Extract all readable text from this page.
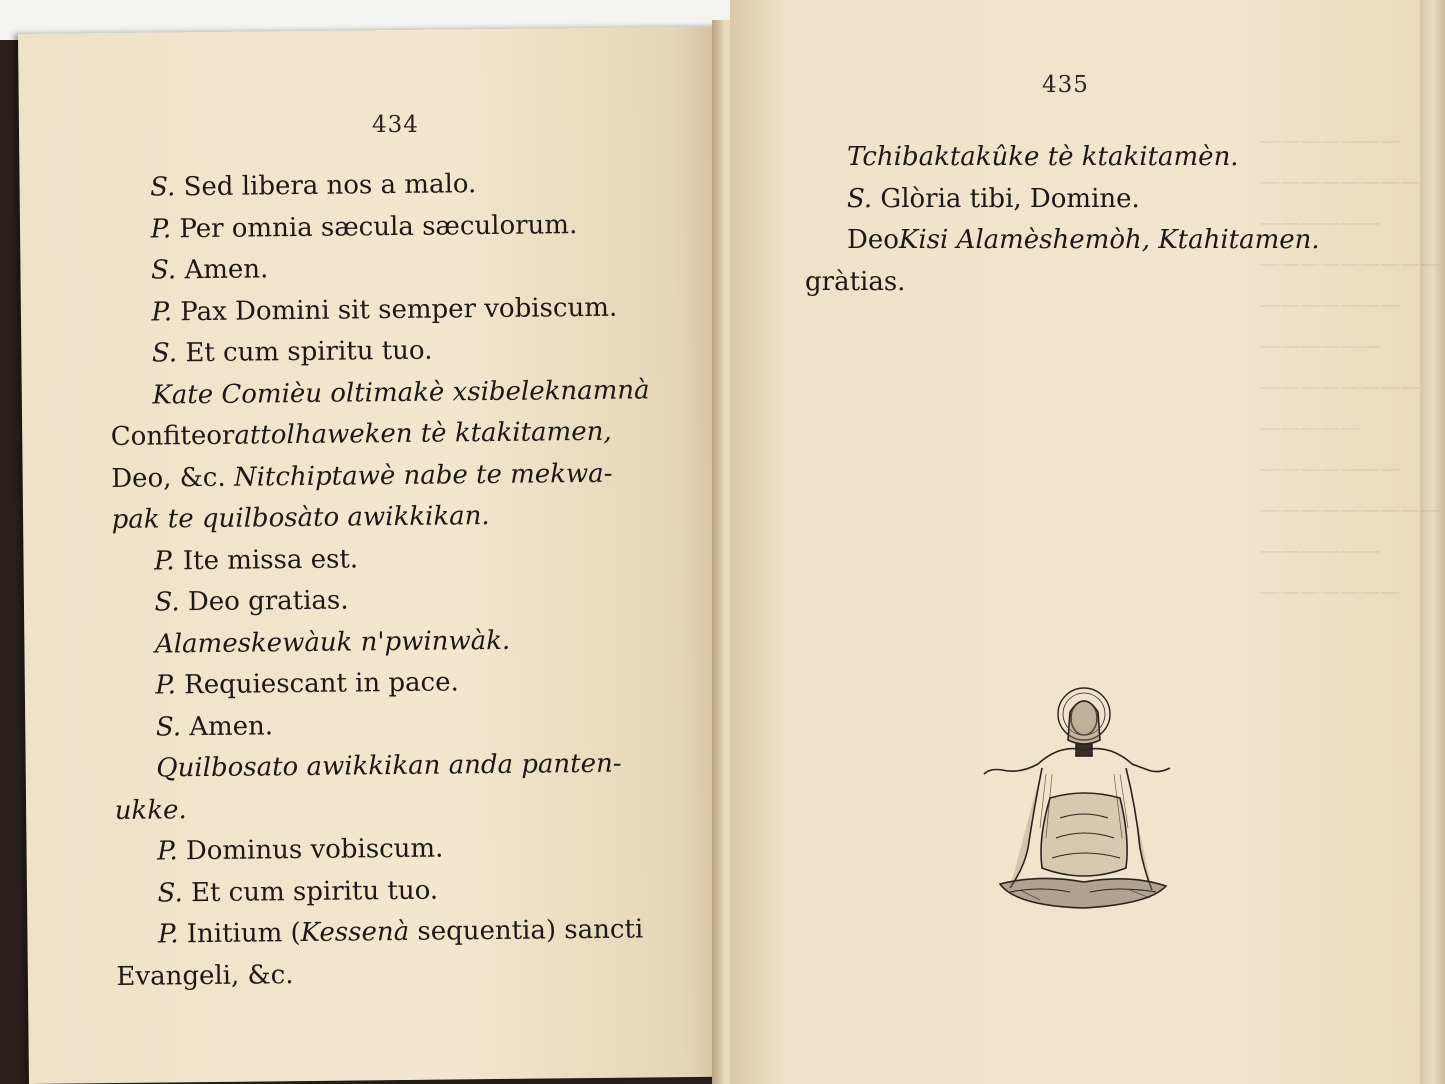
———————
————————
——————
—————————
———————
——————
————————
—————
———————
—————————
——————
———————
434
435
S. Sed libera nos a malo.
P. Per omnia sæcula sæculorum.
S. Amen.
P. Pax Domini sit semper vobiscum.
S. Et cum spiritu tuo.
Kate Comièu oltimakè xsibeleknamnà
Confiteorattolhaweken tè ktakitamen,
Deo, &c. Nitchiptawè nabe te mekwa-
pak te quilbosàto awikkikan.
P. Ite missa est.
S. Deo gratias.
Alameskewàuk n'pwinwàk.
P. Requiescant in pace.
S. Amen.
Quilbosato awikkikan anda panten-
ukke.
P. Dominus vobiscum.
S. Et cum spiritu tuo.
P. Initium (Kessenà sequentia) sancti
Evangeli, &c.
Tchibaktakûke tè ktakitamèn.
S. Glòria tibi, Domine.
DeoKisi Alamèshemòh, Ktahitamen.
gràtias.
